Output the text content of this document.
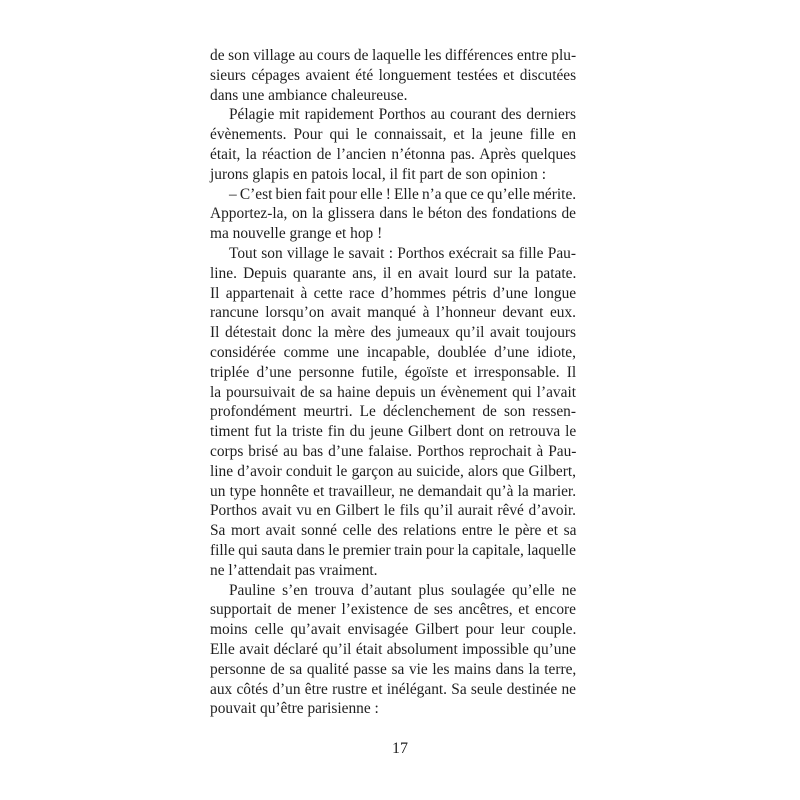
de son village au cours de laquelle les différences entre plu-
sieurs cépages avaient été longuement testées et discutées
dans une ambiance chaleureuse.

Pélagie mit rapidement Porthos au courant des derniers
évènements. Pour qui le connaissait, et la jeune fille en
était, la réaction de l’ancien n’étonna pas. Après quelques
jurons glapis en patois local, il fit part de son opinion :

– C’est bien fait pour elle ! Elle n’a que ce qu’elle mérite.
Apportez-la, on la glissera dans le béton des fondations de
ma nouvelle grange et hop !

Tout son village le savait : Porthos exécrait sa fille Pau-
line. Depuis quarante ans, il en avait lourd sur la patate.
Il appartenait à cette race d’hommes pétris d’une longue
rancune lorsqu’on avait manqué à l’honneur devant eux.
Il détestait donc la mère des jumeaux qu’il avait toujours
considérée comme une incapable, doublée d’une idiote,
triplée d’une personne futile, égoïste et irresponsable. Il
la poursuivait de sa haine depuis un évènement qui l’avait
profondément meurtri. Le déclenchement de son ressen-
timent fut la triste fin du jeune Gilbert dont on retrouva le
corps brisé au bas d’une falaise. Porthos reprochait à Pau-
line d’avoir conduit le garçon au suicide, alors que Gilbert,
un type honnête et travailleur, ne demandait qu’à la marier.
Porthos avait vu en Gilbert le fils qu’il aurait rêvé d’avoir.
Sa mort avait sonné celle des relations entre le père et sa
fille qui sauta dans le premier train pour la capitale, laquelle
ne l’attendait pas vraiment.

Pauline s’en trouva d’autant plus soulagée qu’elle ne
supportait de mener l’existence de ses ancêtres, et encore
moins celle qu’avait envisagée Gilbert pour leur couple.
Elle avait déclaré qu’il était absolument impossible qu’une
personne de sa qualité passe sa vie les mains dans la terre,
aux côtés d’un être rustre et inélégant. Sa seule destinée ne
pouvait qu’être parisienne :

17
